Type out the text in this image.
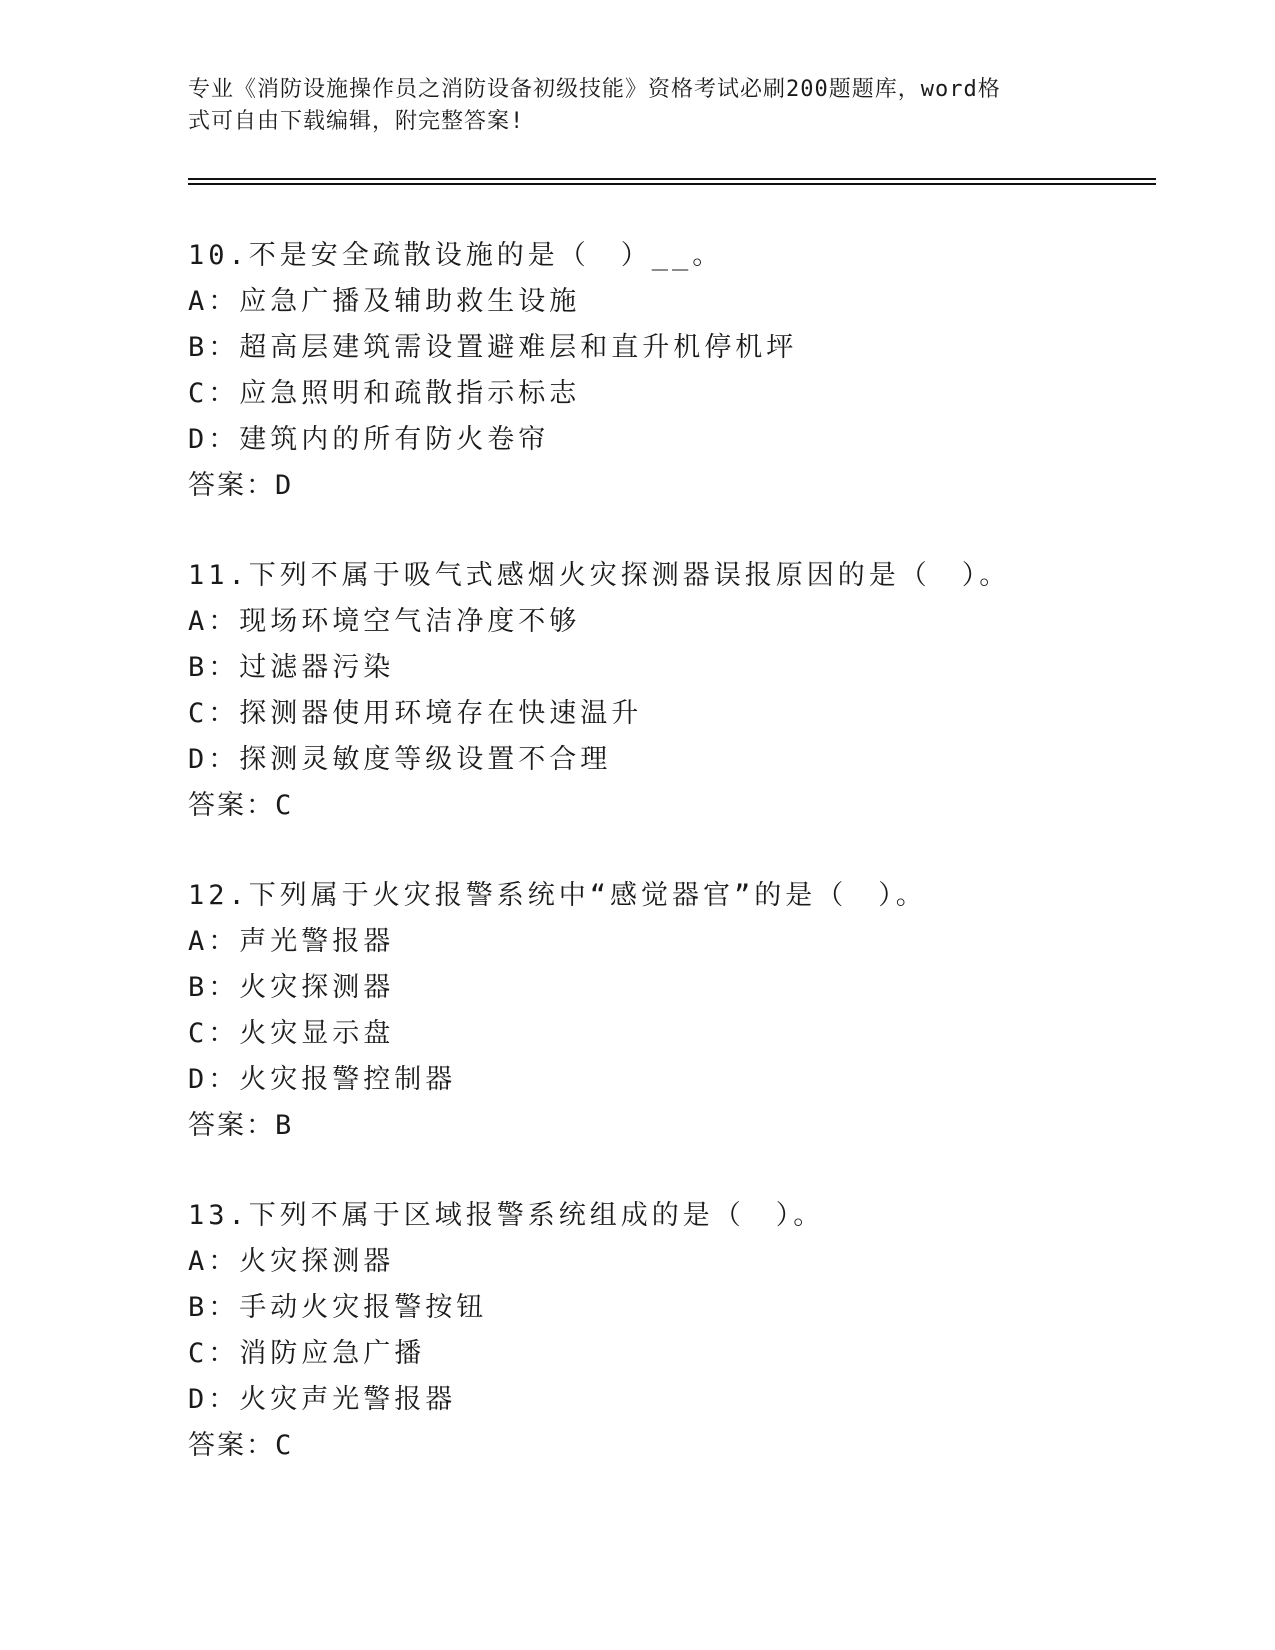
专业《消防设施操作员之消防设备初级技能》资格考试必刷200题题库，word格
式可自由下载编辑，附完整答案!
10.不是安全疏散设施的是（　）__。
A：应急广播及辅助救生设施
B：超高层建筑需设置避难层和直升机停机坪
C：应急照明和疏散指示标志
D：建筑内的所有防火卷帘
答案：D
11.下列不属于吸气式感烟火灾探测器误报原因的是（　）。
A：现场环境空气洁净度不够
B：过滤器污染
C：探测器使用环境存在快速温升
D：探测灵敏度等级设置不合理
答案：C
12.下列属于火灾报警系统中“感觉器官”的是（　）。
A：声光警报器
B：火灾探测器
C：火灾显示盘
D：火灾报警控制器
答案：B
13.下列不属于区域报警系统组成的是（　）。
A：火灾探测器
B：手动火灾报警按钮
C：消防应急广播
D：火灾声光警报器
答案：C
